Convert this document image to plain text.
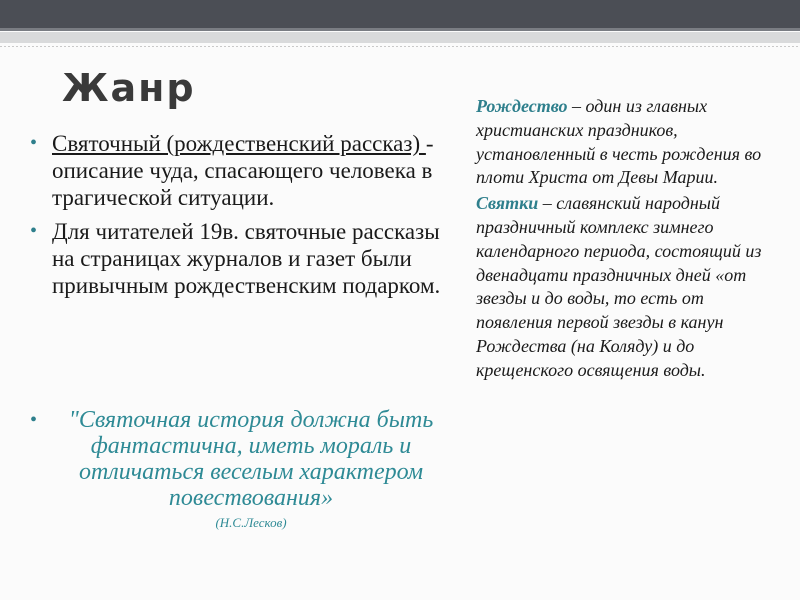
Жанр
• Святочный (рождественский рассказ) - описание чуда, спасающего человека в трагической ситуации.
• Для читателей 19в. святочные рассказы на страницах журналов и газет были привычным рождественским подарком.
•	"Святочная история должна быть фантастична, иметь мораль и отличаться веселым характером повествования»
(Н.С.Лесков)
Рождество – один из главных христианских праздников, установленный в честь рождения во плоти Христа от Девы Марии.
Святки – славянский народный праздничный комплекс зимнего календарного периода, состоящий из двенадцати праздничных дней «от звезды и до воды, то есть от появления первой звезды в канун Рождества (на Коляду) и до крещенского освящения воды.
